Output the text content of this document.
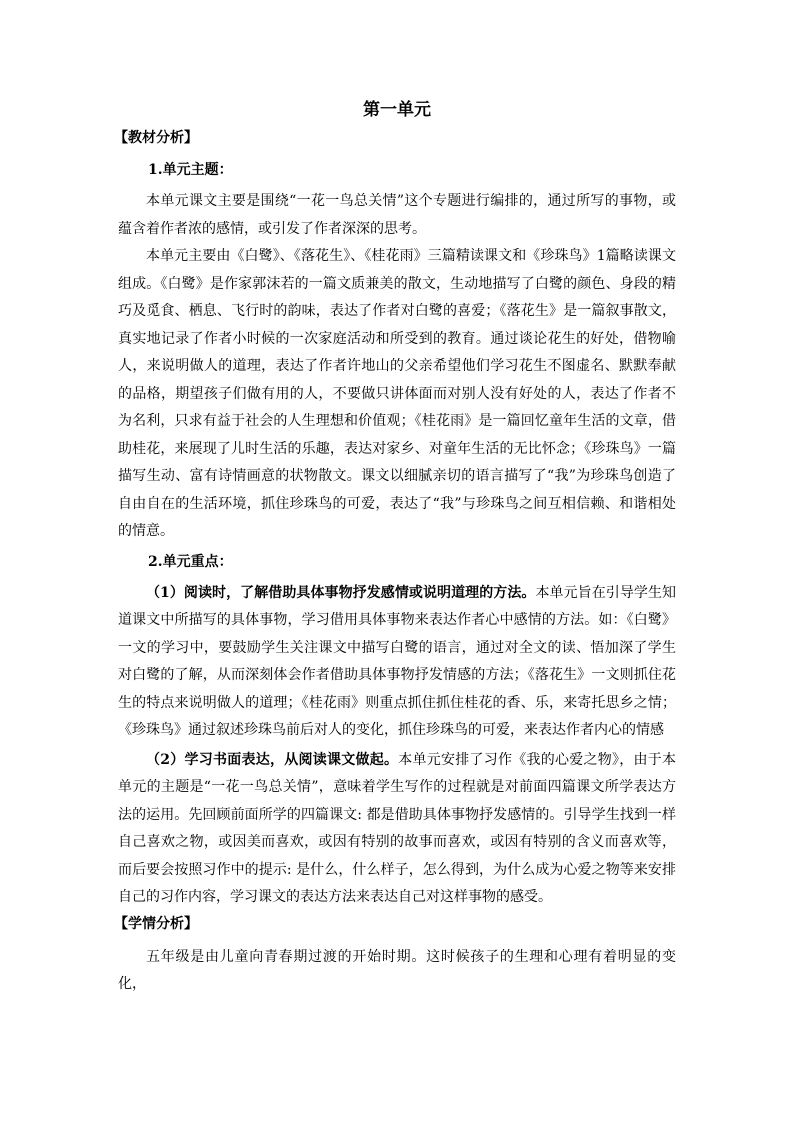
第一单元
【教材分析】
1.单元主题：

本单元课文主要是围绕“一花一鸟总关情”这个专题进行编排的，通过所写的事物，或蕴含着作者浓的感情，或引发了作者深深的思考。

本单元主要由《白鹭》、《落花生》、《桂花雨》三篇精读课文和《珍珠鸟》1篇略读课文组成。《白鹭》是作家郭沫若的一篇文质兼美的散文，生动地描写了白鹭的颜色、身段的精巧及觅食、栖息、飞行时的韵味，表达了作者对白鹭的喜爱；《落花生》是一篇叙事散文，真实地记录了作者小时候的一次家庭活动和所受到的教育。通过谈论花生的好处，借物喻人，来说明做人的道理，表达了作者许地山的父亲希望他们学习花生不图虚名、默默奉献的品格，期望孩子们做有用的人，不要做只讲体面而对别人没有好处的人，表达了作者不为名利，只求有益于社会的人生理想和价值观；《桂花雨》是一篇回忆童年生活的文章，借助桂花，来展现了儿时生活的乐趣，表达对家乡、对童年生活的无比怀念；《珍珠鸟》一篇描写生动、富有诗情画意的状物散文。课文以细腻亲切的语言描写了“我”为珍珠鸟创造了自由自在的生活环境，抓住珍珠鸟的可爱，表达了“我”与珍珠鸟之间互相信赖、和谐相处的情意。

2.单元重点：

（1）阅读时，了解借助具体事物抒发感情或说明道理的方法。本单元旨在引导学生知道课文中所描写的具体事物，学习借用具体事物来表达作者心中感情的方法。如：《白鹭》一文的学习中，要鼓励学生关注课文中描写白鹭的语言，通过对全文的读、悟加深了学生对白鹭的了解，从而深刻体会作者借助具体事物抒发情感的方法；《落花生》一文则抓住花生的特点来说明做人的道理；《桂花雨》则重点抓住抓住桂花的香、乐，来寄托思乡之情；《珍珠鸟》通过叙述珍珠鸟前后对人的变化，抓住珍珠鸟的可爱，来表达作者内心的情感

（2）学习书面表达，从阅读课文做起。本单元安排了习作《我的心爱之物》，由于本单元的主题是“一花一鸟总关情”，意味着学生写作的过程就是对前面四篇课文所学表达方法的运用。先回顾前面所学的四篇课文: 都是借助具体事物抒发感情的。引导学生找到一样自己喜欢之物，或因美而喜欢，或因有特别的故事而喜欢，或因有特别的含义而喜欢等，而后要会按照习作中的提示: 是什么，什么样子，怎么得到，为什么成为心爱之物等来安排自己的习作内容，学习课文的表达方法来表达自己对这样事物的感受。

【学情分析】

五年级是由儿童向青春期过渡的开始时期。这时候孩子的生理和心理有着明显的变化，
